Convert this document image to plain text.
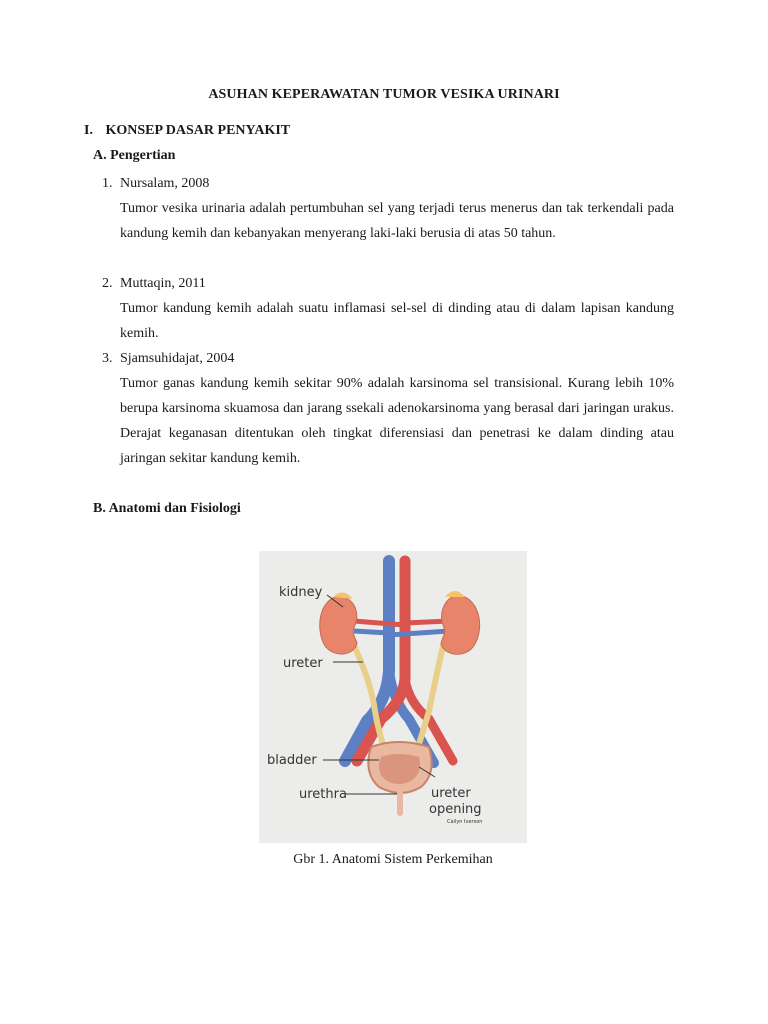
ASUHAN KEPERAWATAN TUMOR VESIKA URINARI
I. KONSEP DASAR PENYAKIT
A. Pengertian
1. Nursalam, 2008
Tumor vesika urinaria adalah pertumbuhan sel yang terjadi terus menerus dan tak terkendali pada kandung kemih dan kebanyakan menyerang laki-laki berusia di atas 50 tahun.
2. Muttaqin, 2011
Tumor kandung kemih adalah suatu inflamasi sel-sel di dinding atau di dalam lapisan kandung kemih.
3. Sjamsuhidajat, 2004
Tumor ganas kandung kemih sekitar 90% adalah karsinoma sel transisional. Kurang lebih 10% berupa karsinoma skuamosa dan jarang ssekali adenokarsinoma yang berasal dari jaringan urakus. Derajat keganasan ditentukan oleh tingkat diferensiasi dan penetrasi ke dalam dinding atau jaringan sekitar kandung kemih.
B. Anatomi dan Fisiologi
kidney
ureter
bladder
urethra	ureter
opening
Cailyn Iverson
Gbr 1. Anatomi Sistem Perkemihan
